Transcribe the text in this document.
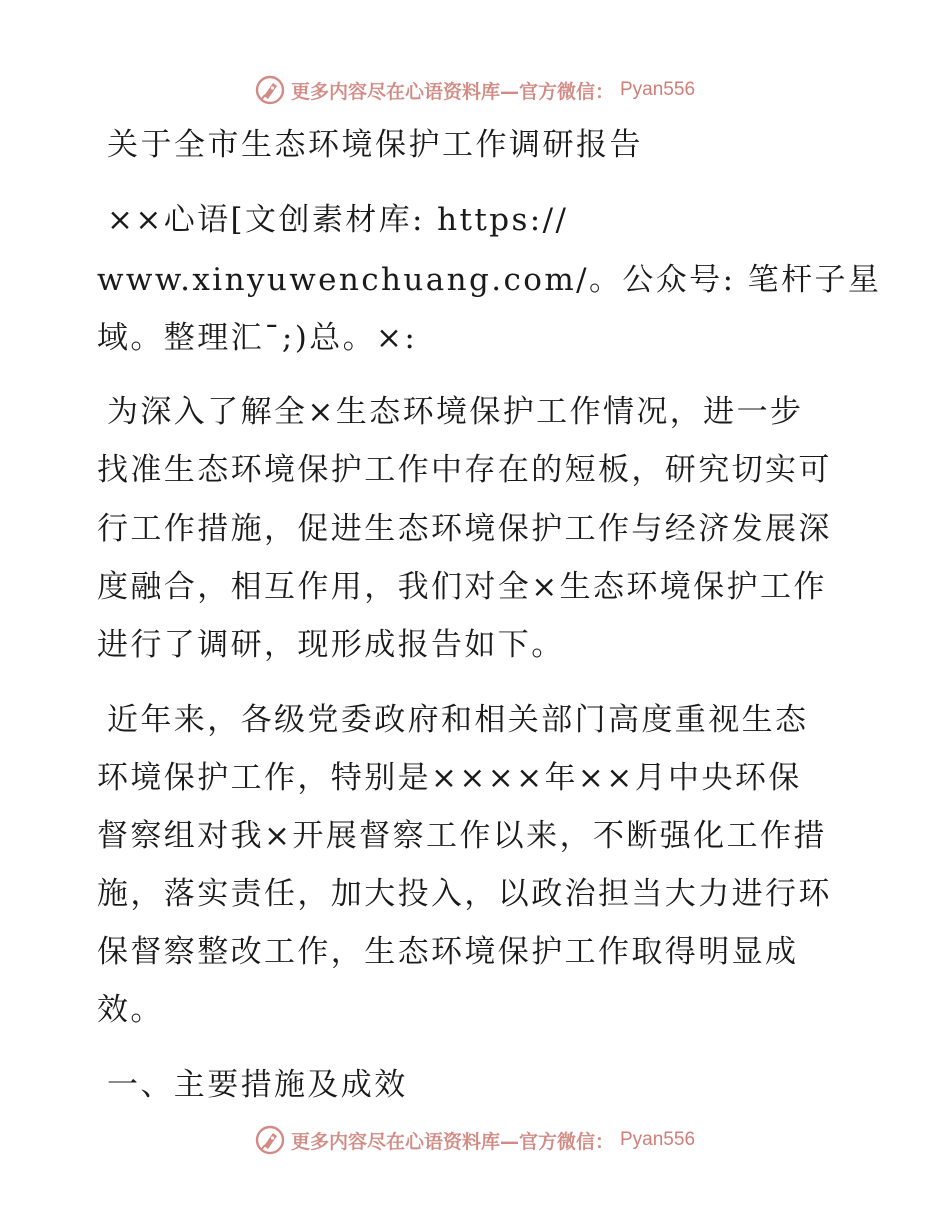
更多内容尽在心语资料库—官方微信： Pyan556
关于全市生态环境保护工作调研报告
××心语[文创素材库: https://
www.xinyuwenchuang.com/。公众号: 笔杆子星
域。整理汇¯;)总。×:
为深入了解全×生态环境保护工作情况，进一步
找准生态环境保护工作中存在的短板，研究切实可
行工作措施，促进生态环境保护工作与经济发展深
度融合，相互作用，我们对全×生态环境保护工作
进行了调研，现形成报告如下。
近年来，各级党委政府和相关部门高度重视生态
环境保护工作，特别是××××年××月中央环保
督察组对我×开展督察工作以来，不断强化工作措
施，落实责任，加大投入，以政治担当大力进行环
保督察整改工作，生态环境保护工作取得明显成
效。
一、主要措施及成效
更多内容尽在心语资料库—官方微信： Pyan556
